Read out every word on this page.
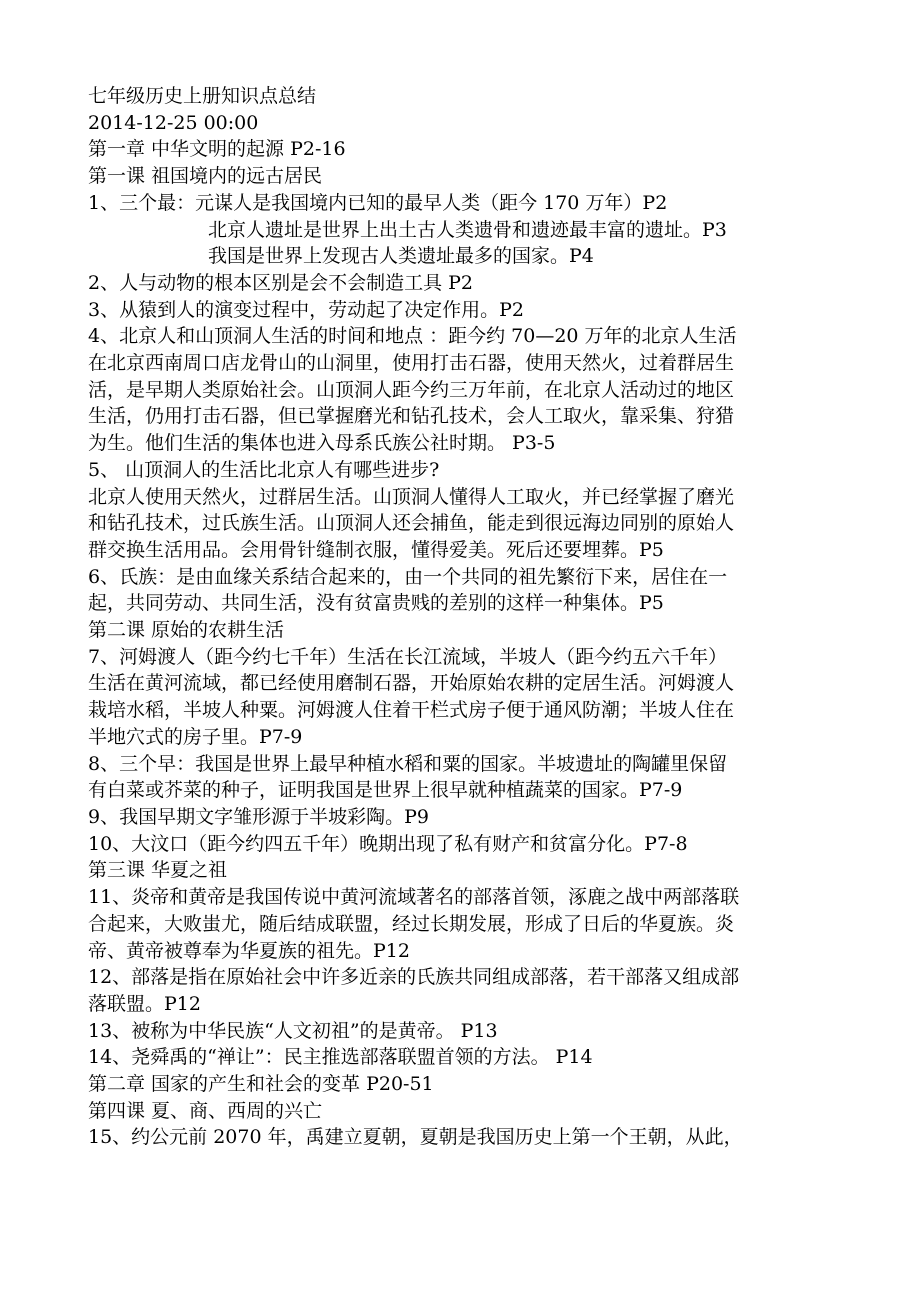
七年级历史上册知识点总结

2014-12-25 00:00

第一章 中华文明的起源 P2-16

第一课 祖国境内的远古居民

1、三个最：元谋人是我国境内已知的最早人类（距今 170 万年）P2

北京人遗址是世界上出土古人类遗骨和遗迹最丰富的遗址。P3

我国是世界上发现古人类遗址最多的国家。P4

2、人与动物的根本区别是会不会制造工具 P2

3、从猿到人的演变过程中，劳动起了决定作用。P2

4、北京人和山顶洞人生活的时间和地点 ：距今约 70—20 万年的北京人生活

在北京西南周口店龙骨山的山洞里，使用打击石器，使用天然火，过着群居生

活，是早期人类原始社会。山顶洞人距今约三万年前，在北京人活动过的地区

生活，仍用打击石器，但已掌握磨光和钻孔技术，会人工取火，靠采集、狩猎

为生。他们生活的集体也进入母系氏族公社时期。 P3-5

5、 山顶洞人的生活比北京人有哪些进步?

北京人使用天然火，过群居生活。山顶洞人懂得人工取火，并已经掌握了磨光

和钻孔技术，过氏族生活。山顶洞人还会捕鱼，能走到很远海边同别的原始人

群交换生活用品。会用骨针缝制衣服，懂得爱美。死后还要埋葬。P5

6、氏族：是由血缘关系结合起来的，由一个共同的祖先繁衍下来，居住在一

起，共同劳动、共同生活，没有贫富贵贱的差别的这样一种集体。P5

第二课 原始的农耕生活

7、河姆渡人（距今约七千年）生活在长江流域，半坡人（距今约五六千年）

生活在黄河流域，都已经使用磨制石器，开始原始农耕的定居生活。河姆渡人

栽培水稻，半坡人种粟。河姆渡人住着干栏式房子便于通风防潮；半坡人住在

半地穴式的房子里。P7-9

8、三个早：我国是世界上最早种植水稻和粟的国家。半坡遗址的陶罐里保留

有白菜或芥菜的种子，证明我国是世界上很早就种植蔬菜的国家。P7-9

9、我国早期文字雏形源于半坡彩陶。P9

10、大汶口（距今约四五千年）晚期出现了私有财产和贫富分化。P7-8

第三课 华夏之祖

11、炎帝和黄帝是我国传说中黄河流域著名的部落首领，涿鹿之战中两部落联

合起来，大败蚩尤，随后结成联盟，经过长期发展，形成了日后的华夏族。炎

帝、黄帝被尊奉为华夏族的祖先。P12

12、部落是指在原始社会中许多近亲的氏族共同组成部落，若干部落又组成部

落联盟。P12

13、被称为中华民族“人文初祖”的是黄帝。 P13

14、尧舜禹的“禅让”：民主推选部落联盟首领的方法。 P14

第二章 国家的产生和社会的变革 P20-51

第四课 夏、商、西周的兴亡

15、约公元前 2070 年，禹建立夏朝，夏朝是我国历史上第一个王朝，从此，
